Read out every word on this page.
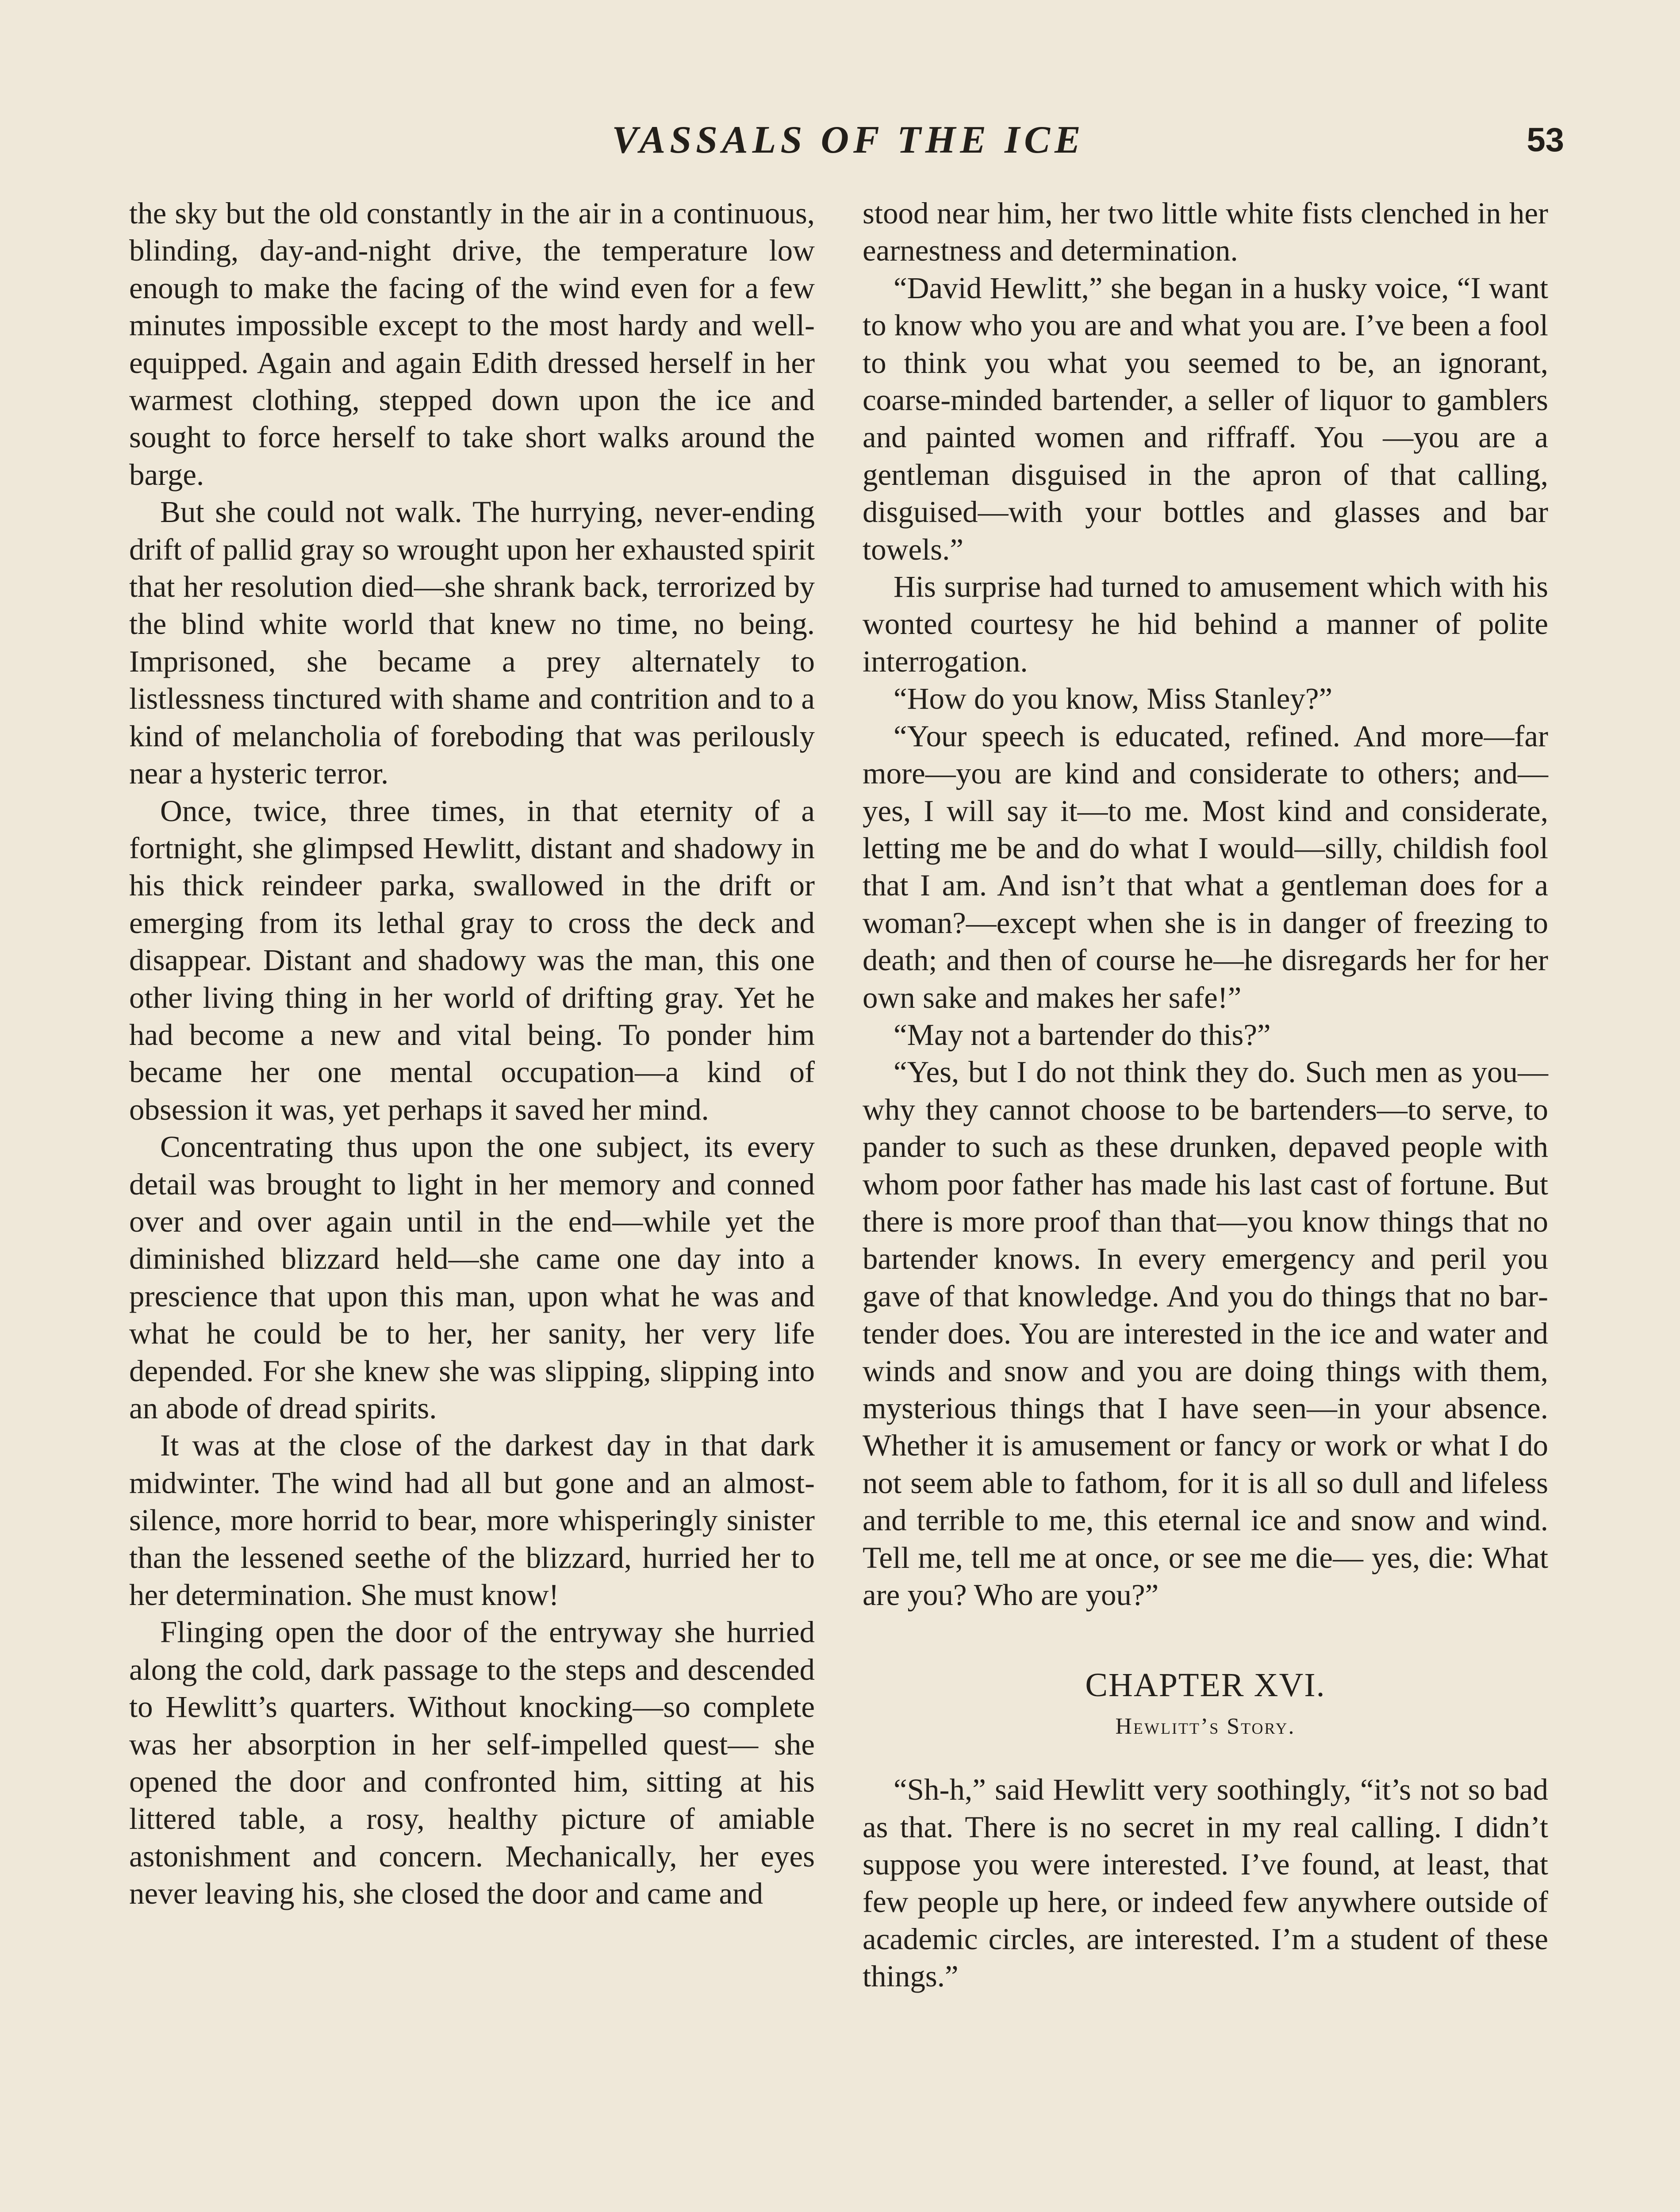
VASSALS OF THE ICE	53

the sky but the old constantly in the air in a continuous, blinding, day-and-night drive, the temperature low enough to make the facing of the wind even for a few minutes impossible except to the most hardy and well-equipped. Again and again Edith dressed herself in her warmest clothing, stepped down upon the ice and sought to force herself to take short walks around the barge.

But she could not walk. The hurrying, never-ending drift of pallid gray so wrought upon her exhausted spirit that her resolution died—she shrank back, terrorized by the blind white world that knew no time, no being. Imprisoned, she became a prey alternately to listlessness tinctured with shame and contrition and to a kind of melancholia of foreboding that was perilously near a hysteric terror.

Once, twice, three times, in that eternity of a fortnight, she glimpsed Hewlitt, distant and shadowy in his thick reindeer parka, swallowed in the drift or emerging from its lethal gray to cross the deck and disappear. Distant and shadowy was the man, this one other living thing in her world of drifting gray. Yet he had become a new and vital being. To ponder him became her one mental occupation—a kind of obsession it was, yet perhaps it saved her mind.

Concentrating thus upon the one subject, its every detail was brought to light in her memory and conned over and over again until in the end—while yet the diminished blizzard held—she came one day into a prescience that upon this man, upon what he was and what he could be to her, her sanity, her very life depended. For she knew she was slipping, slipping into an abode of dread spirits.

It was at the close of the darkest day in that dark midwinter. The wind had all but gone and an almost-silence, more horrid to bear, more whisperingly sinister than the lessened seethe of the blizzard, hurried her to her determination. She must know!

Flinging open the door of the entryway she hurried along the cold, dark passage to the steps and descended to Hewlitt’s quarters. Without knocking—so complete was her absorption in her self-impelled quest— she opened the door and confronted him, sitting at his littered table, a rosy, healthy picture of amiable astonishment and concern. Mechanically, her eyes never leaving his, she closed the door and came and

stood near him, her two little white fists clenched in her earnestness and determination.

“David Hewlitt,” she began in a husky voice, “I want to know who you are and what you are. I’ve been a fool to think you what you seemed to be, an ignorant, coarse-minded bartender, a seller of liquor to gamblers and painted women and riffraff. You —you are a gentleman disguised in the apron of that calling, disguised—with your bottles and glasses and bar towels.”

His surprise had turned to amusement which with his wonted courtesy he hid behind a manner of polite interrogation.

“How do you know, Miss Stanley?”

“Your speech is educated, refined. And more—far more—you are kind and considerate to others; and—yes, I will say it—to me. Most kind and considerate, letting me be and do what I would—silly, childish fool that I am. And isn’t that what a gentleman does for a woman?—except when she is in danger of freezing to death; and then of course he—he disregards her for her own sake and makes her safe!”

“May not a bartender do this?”

“Yes, but I do not think they do. Such men as you—why they cannot choose to be bartenders—to serve, to pander to such as these drunken, depaved people with whom poor father has made his last cast of fortune. But there is more proof than that—you know things that no bartender knows. In every emergency and peril you gave of that knowledge. And you do things that no bartender does. You are interested in the ice and water and winds and snow and you are doing things with them, mysterious things that I have seen—in your absence. Whether it is amusement or fancy or work or what I do not seem able to fathom, for it is all so dull and lifeless and terrible to me, this eternal ice and snow and wind. Tell me, tell me at once, or see me die— yes, die: What are you? Who are you?”

CHAPTER XVI.
Hewlitt’s Story.

“Sh-h,” said Hewlitt very soothingly, “it’s not so bad as that. There is no secret in my real calling. I didn’t suppose you were interested. I’ve found, at least, that few people up here, or indeed few anywhere outside of academic circles, are interested. I’m a student of these things.”
